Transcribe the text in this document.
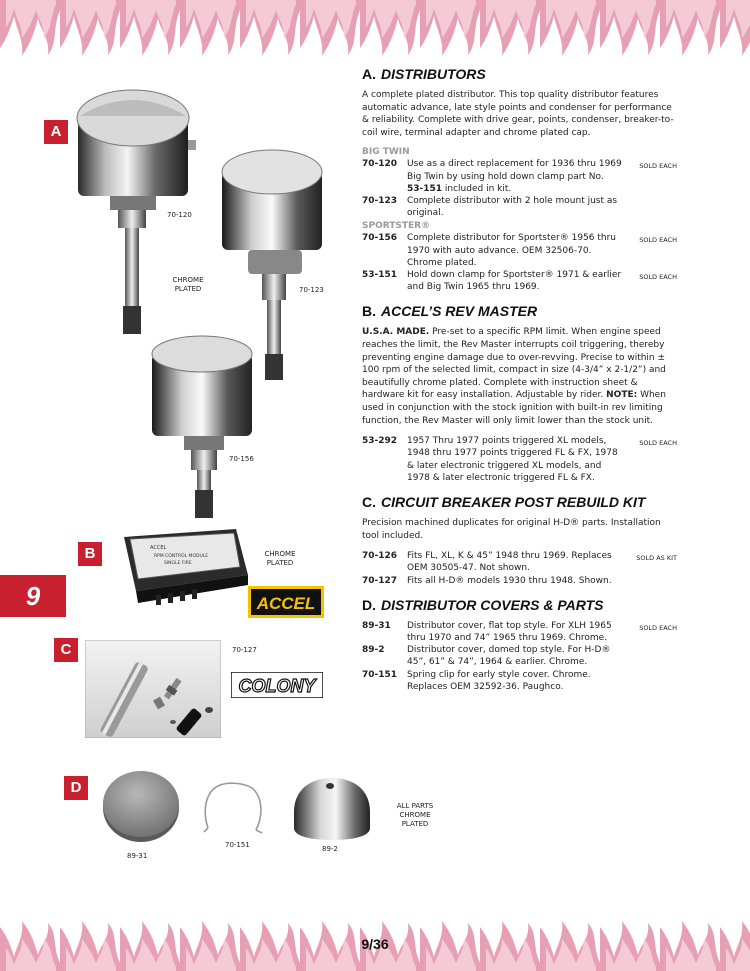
A
B
C
D
9
70-120
70-123
CHROME
PLATED
70-156
ACCEL
RPM CONTROL MODULE
SINGLE FIRE
CHROME
PLATED
ACCEL
70-127
COLONY
89-31
70-151	89-2
ALL PARTS
CHROME
PLATED
A. DISTRIBUTORS

A complete plated distributor. This top quality distributor features automatic advance, late style points and condenser for performance & reliability. Complete with drive gear, points, condenser, breaker-to-coil wire, terminal adapter and chrome plated cap.

BIG TWIN
70-120	Use as a direct replacement for 1936 thru 1969 Big Twin by using hold down clamp part No. 53-151 included in kit.
SOLD EACH
70-123	Complete distributor with 2 hole mount just as original.
SPORTSTER®
70-156	Complete distributor for Sportster® 1956 thru 1970 with auto advance. OEM 32506-70. Chrome plated.
SOLD EACH
53-151	Hold down clamp for Sportster® 1971 & earlier and Big Twin 1965 thru 1969.
SOLD EACH
B. ACCEL’S REV MASTER

U.S.A. MADE. Pre-set to a specific RPM limit. When engine speed reaches the limit, the Rev Master interrupts coil triggering, thereby preventing engine damage due to over-revving. Precise to within ± 100 rpm of the selected limit, compact in size (4-3/4” x 2-1/2”) and beautifully chrome plated. Complete with instruction sheet & hardware kit for easy installation. Adjustable by rider. NOTE: When used in conjunction with the stock ignition with built-in rev limiting function, the Rev Master will only limit lower than the stock unit.

53-292	1957 Thru 1977 points triggered XL models, 1948 thru 1977 points triggered FL & FX, 1978 & later electronic triggered XL models, and 1978 & later electronic triggered FL & FX.
SOLD EACH
C. CIRCUIT BREAKER POST REBUILD KIT

Precision machined duplicates for original H-D® parts. Installation tool included.

70-126	Fits FL, XL, K & 45” 1948 thru 1969. Replaces OEM 30505-47. Not shown.
SOLD AS KIT
70-127	Fits all H-D® models 1930 thru 1948. Shown.
D. DISTRIBUTOR COVERS & PARTS
89-31	Distributor cover, flat top style. For XLH 1965 thru 1970 and 74” 1965 thru 1969. Chrome.
SOLD EACH
89-2	Distributor cover, domed top style. For H-D® 45”, 61” & 74”, 1964 & earlier. Chrome.
70-151	Spring clip for early style cover. Chrome. Replaces OEM 32592-36. Paughco.
9/36
